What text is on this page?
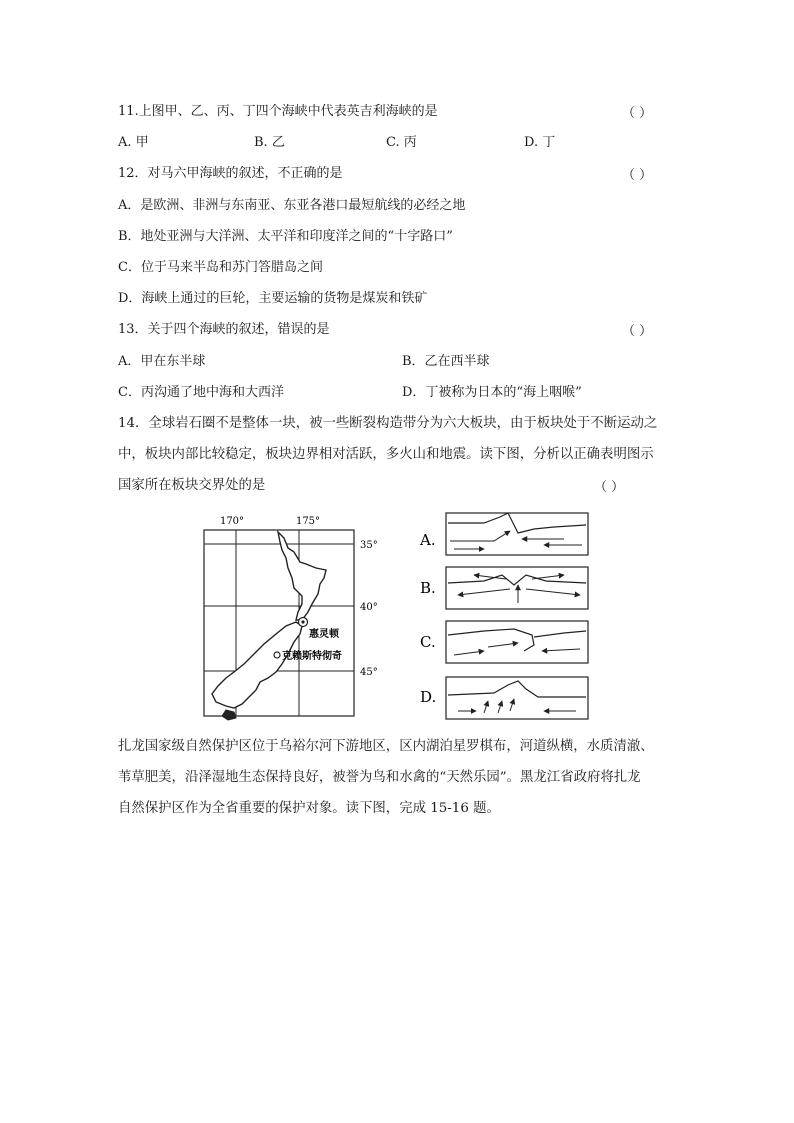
11.上图甲、乙、丙、丁四个海峡中代表英吉利海峡的是	（ ）
A. 甲	B. 乙	C. 丙	D. 丁
12．对马六甲海峡的叙述，不正确的是	（ ）
A．是欧洲、非洲与东南亚、东亚各港口最短航线的必经之地
B．地处亚洲与大洋洲、太平洋和印度洋之间的“十字路口”
C．位于马来半岛和苏门答腊岛之间
D．海峡上通过的巨轮，主要运输的货物是煤炭和铁矿
13．关于四个海峡的叙述，错误的是	（ ）
A．甲在东半球	B．乙在西半球
C．丙沟通了地中海和大西洋	D．丁被称为日本的“海上咽喉”
14．全球岩石圈不是整体一块，被一些断裂构造带分为六大板块，由于板块处于不断运动之
中，板块内部比较稳定，板块边界相对活跃，多火山和地震。读下图，分析以正确表明图示
国家所在板块交界处的是	（ ）
170°	175°
35°
40°
45°
惠灵顿
克赖斯特彻奇
A.
B.
C.
D.
扎龙国家级自然保护区位于乌裕尔河下游地区，区内湖泊星罗棋布，河道纵横，水质清澈、
苇草肥美，沿泽湿地生态保持良好，被誉为鸟和水禽的“天然乐园”。黑龙江省政府将扎龙
自然保护区作为全省重要的保护对象。读下图，完成 15-16 题。
